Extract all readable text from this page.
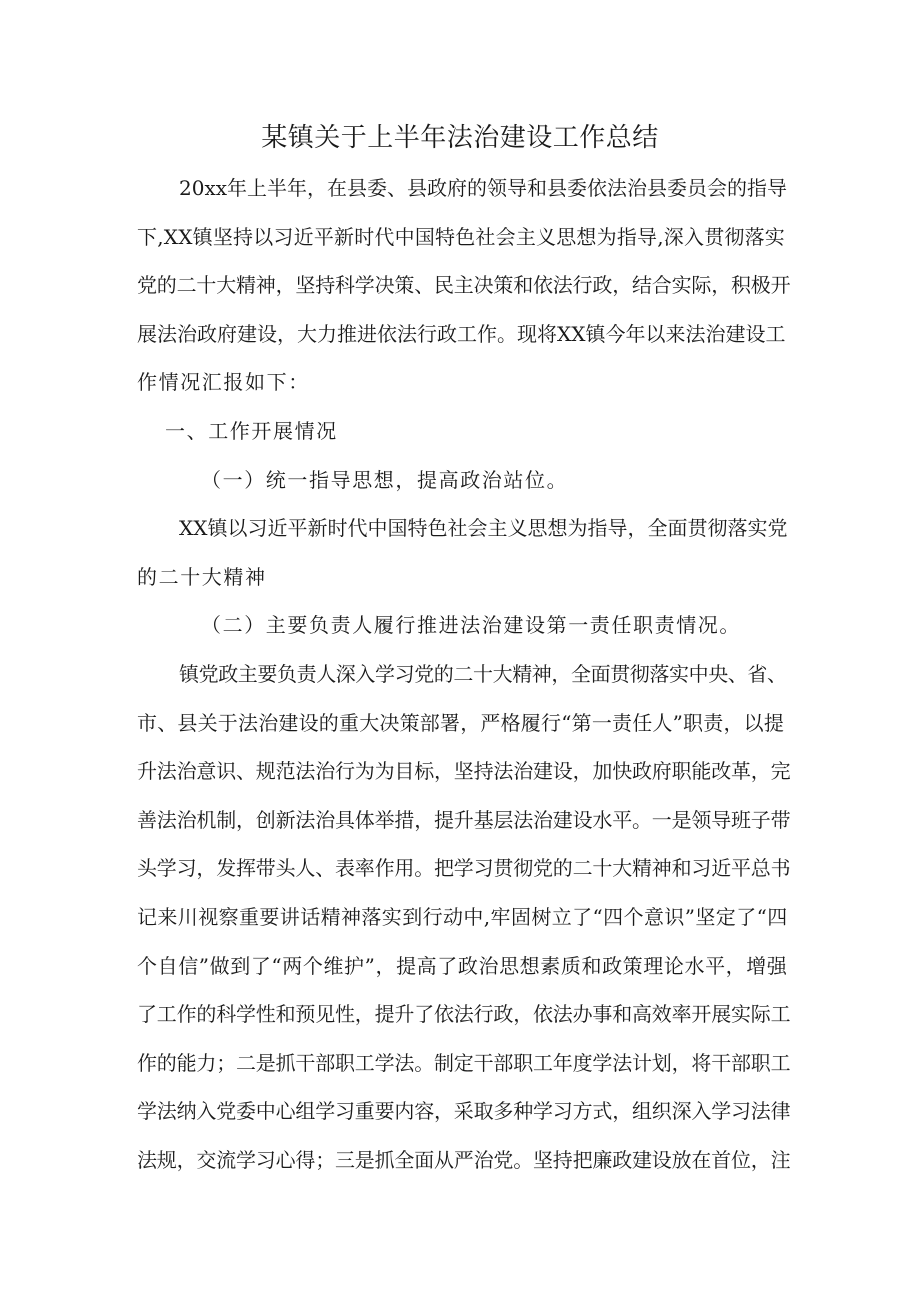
某镇关于上半年法治建设工作总结
20xx年上半年，在县委、县政府的领导和县委依法治县委员会的指导
下,XX镇坚持以习近平新时代中国特色社会主义思想为指导,深入贯彻落实
党的二十大精神，坚持科学决策、民主决策和依法行政，结合实际，积极开
展法治政府建设，大力推进依法行政工作。现将XX镇今年以来法治建设工
作情况汇报如下：
一、工作开展情况
（一）统一指导思想，提高政治站位。
XX镇以习近平新时代中国特色社会主义思想为指导，全面贯彻落实党
的二十大精神
（二）主要负责人履行推进法治建设第一责任职责情况。
镇党政主要负责人深入学习党的二十大精神，全面贯彻落实中央、省、
市、县关于法治建设的重大决策部署，严格履行“第一责任人”职责，以提
升法治意识、规范法治行为为目标，坚持法治建设，加快政府职能改革，完
善法治机制，创新法治具体举措，提升基层法治建设水平。一是领导班子带
头学习，发挥带头人、表率作用。把学习贯彻党的二十大精神和习近平总书
记来川视察重要讲话精神落实到行动中,牢固树立了“四个意识”坚定了“四
个自信”做到了“两个维护”，提高了政治思想素质和政策理论水平，增强
了工作的科学性和预见性，提升了依法行政，依法办事和高效率开展实际工
作的能力；二是抓干部职工学法。制定干部职工年度学法计划，将干部职工
学法纳入党委中心组学习重要内容，采取多种学习方式，组织深入学习法律
法规，交流学习心得；三是抓全面从严治党。坚持把廉政建设放在首位，注
